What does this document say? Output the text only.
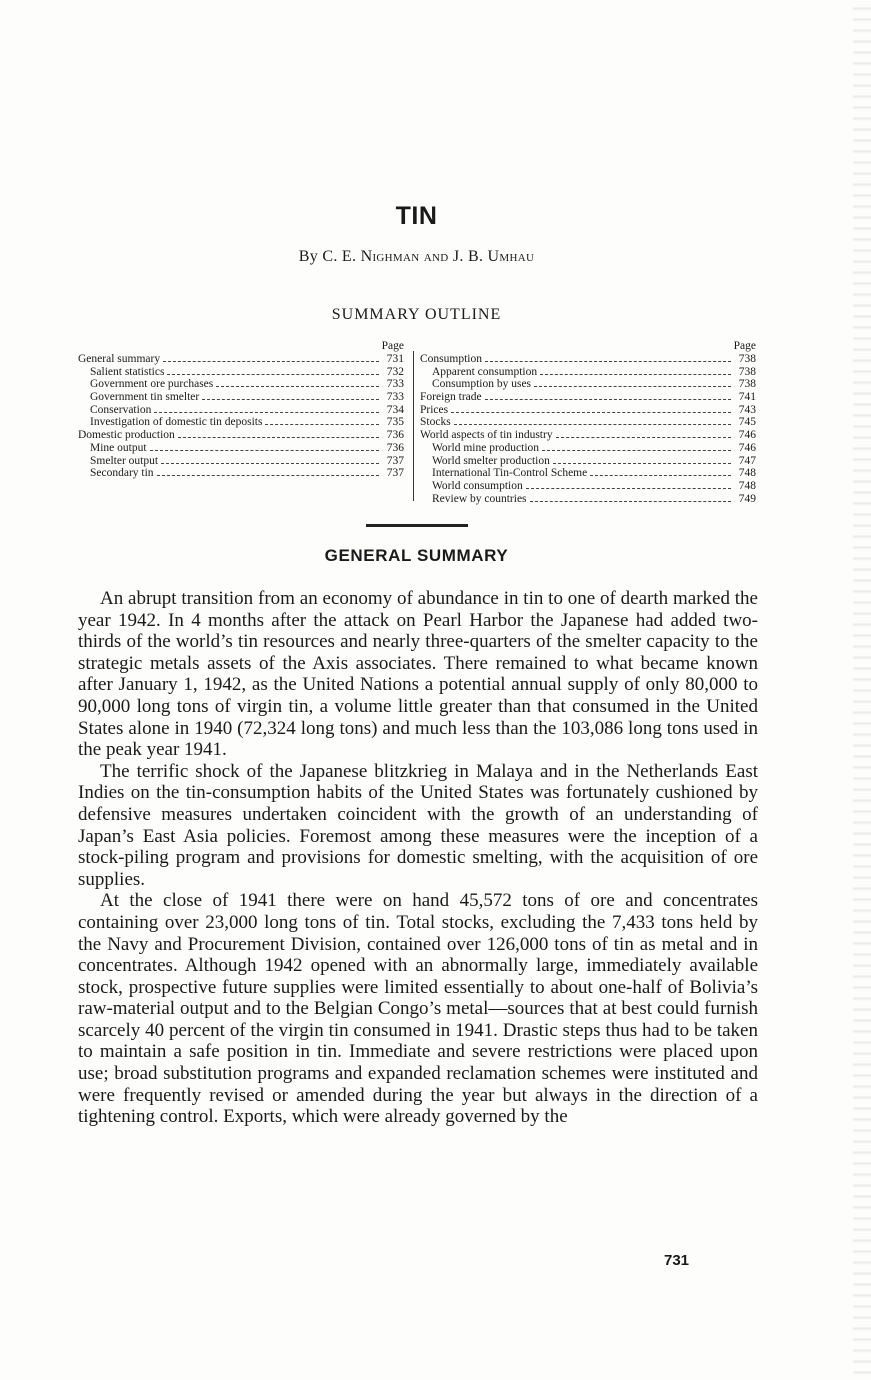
TIN
By C. E. Nighman and J. B. Umhau
SUMMARY OUTLINE
Page
General summary	731
Salient statistics	732
Government ore purchases	733
Government tin smelter	733
Conservation	734
Investigation of domestic tin deposits	735
Domestic production	736
Mine output	736
Smelter output	737
Secondary tin	737
Page
Consumption	738
Apparent consumption	738
Consumption by uses	738
Foreign trade	741
Prices	743
Stocks	745
World aspects of tin industry	746
World mine production	746
World smelter production	747
International Tin-Control Scheme	748
World consumption	748
Review by countries	749
GENERAL SUMMARY

An abrupt transition from an economy of abundance in tin to one of dearth marked the year 1942. In 4 months after the attack on Pearl Harbor the Japanese had added two-thirds of the world’s tin resources and nearly three-quarters of the smelter capacity to the strategic metals assets of the Axis associates. There remained to what became known after January 1, 1942, as the United Nations a potential annual supply of only 80,000 to 90,000 long tons of virgin tin, a volume little greater than that consumed in the United States alone in 1940 (72,324 long tons) and much less than the 103,086 long tons used in the peak year 1941.

The terrific shock of the Japanese blitzkrieg in Malaya and in the Netherlands East Indies on the tin-consumption habits of the United States was fortunately cushioned by defensive measures undertaken coincident with the growth of an understanding of Japan’s East Asia policies. Foremost among these measures were the inception of a stock-piling program and provisions for domestic smelting, with the acquisition of ore supplies.

At the close of 1941 there were on hand 45,572 tons of ore and concentrates containing over 23,000 long tons of tin. Total stocks, excluding the 7,433 tons held by the Navy and Procurement Division, contained over 126,000 tons of tin as metal and in concentrates. Although 1942 opened with an abnormally large, immediately available stock, prospective future supplies were limited essentially to about one-half of Bolivia’s raw-material output and to the Belgian Congo’s metal—sources that at best could furnish scarcely 40 percent of the virgin tin consumed in 1941. Drastic steps thus had to be taken to maintain a safe position in tin. Immediate and severe restrictions were placed upon use; broad substitution programs and expanded reclamation schemes were instituted and were frequently revised or amended during the year but always in the direction of a tightening control. Exports, which were already governed by the

731
